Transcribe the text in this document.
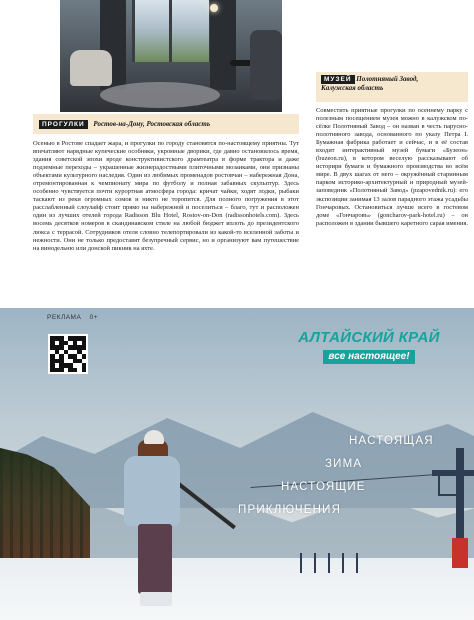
МУЗЕЙ Полотняный Завод,
Калужская область
Совместить приятные прогулки по осеннему парку с полезным посещением музея можно в калужском посёлке Полотняный Завод – он назван в честь парусно-полотняного завода, основанного по указу Петра I. Бумажная фабрика работает и сейчас, и в её состав входит интерактивный музей бумаги «Бузеон» (buzeon.ru), в котором веселую рассказывают об историри бумаги и бумажного производства во всём мире. В двух шагах от него – окружённый старинным парком историко-архитектурный и природный музей-заповедник «Полотняный Завод» (pzapovednik.ru): его экспозиции занимая 13 залов парадного этажа усадьбы Гончаровых. Остановиться лучше всего в гостевом доме «Гончаровъ» (goncharov-park-hotel.ru) – он расположен в здании бывшего каретного сарая имения.
ПРОГУЛКИ Ростов-на-Дону, Ростовская область
Осенью в Ростове спадает жара, и прогулки по городу становятся по-настоящему приятны. Тут впечатляют нарядные купеческие особняки, укромные дворики, где давно остановилось время, здания советской эпохи вроде конструктивистского драмтеатра в форме трактора и даже подземные переходы – украшенные жизнерадостными плиточными мозаиками, они признаны объектами культурного наследия. Один из любимых променадов ростовчан – набережная Дона, отремонтированная к чемпионату мира по футболу и полная забавных скульптур. Здесь особенно чувствуется почти курортная атмосфера города: кричат чайки, ходят лодки, рыбаки таскают из реки огромных сомов и никто не торопится. Для полного погружения в этот расслабленный слоулайф стоит прямо на набережной и поселиться – благо, тут и расположен один из лучших отелей города Radisson Blu Hotel, Rostov-on-Don (radissonhotels.com). Здесь восемь десятков номеров в скандинавском стиле на любой бюджет вплоть до президентского люкса с террасой. Сотрудников отеля словно телепортировали из какой-то вселенной заботы и нежности. Они не только предоставят безупречный сервис, но и организуют вам путешествие на винодельню или донской пикник на яхте.
РЕКЛАМА 0+
АЛТАЙСКИЙ КРАЙ
все настоящее!
НАСТОЯЩАЯ
ЗИМА
НАСТОЯЩИЕ
ПРИКЛЮЧЕНИЯ
